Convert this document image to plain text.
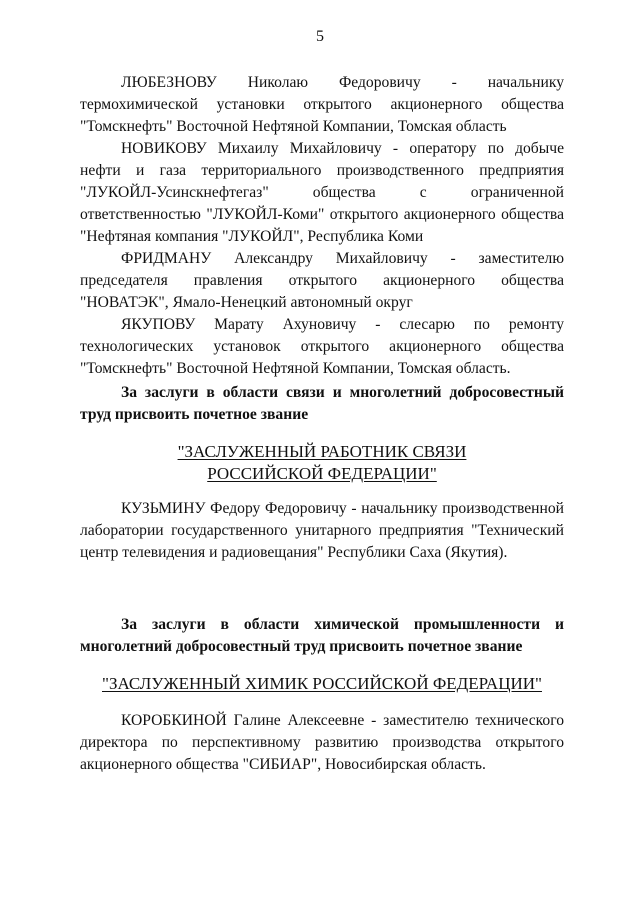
5

ЛЮБЕЗНОВУ Николаю Федоровичу - начальнику термохимической установки открытого акционерного общества "Томскнефть" Восточной Нефтяной Компании, Томская область

НОВИКОВУ Михаилу Михайловичу - оператору по добыче нефти и газа территориального производственного предприятия "ЛУКОЙЛ-Усинскнефтегаз" общества с ограниченной ответственностью "ЛУКОЙЛ-Коми" открытого акционерного общества "Нефтяная компания "ЛУКОЙЛ", Республика Коми

ФРИДМАНУ Александру Михайловичу - заместителю председателя правления открытого акционерного общества "НОВАТЭК", Ямало-Ненецкий автономный округ

ЯКУПОВУ Марату Ахуновичу - слесарю по ремонту технологических установок открытого акционерного общества "Томскнефть" Восточной Нефтяной Компании, Томская область.

За заслуги в области связи и многолетний добросовестный труд присвоить почетное звание
"ЗАСЛУЖЕННЫЙ РАБОТНИК СВЯЗИ
РОССИЙСКОЙ ФЕДЕРАЦИИ"

КУЗЬМИНУ Федору Федоровичу - начальнику производственной лаборатории государственного унитарного предприятия "Технический центр телевидения и радиовещания" Республики Саха (Якутия).

За заслуги в области химической промышленности и многолетний добросовестный труд присвоить почетное звание
"ЗАСЛУЖЕННЫЙ ХИМИК РОССИЙСКОЙ ФЕДЕРАЦИИ"

КОРОБКИНОЙ Галине Алексеевне - заместителю технического директора по перспективному развитию производства открытого акционерного общества "СИБИАР", Новосибирская область.
